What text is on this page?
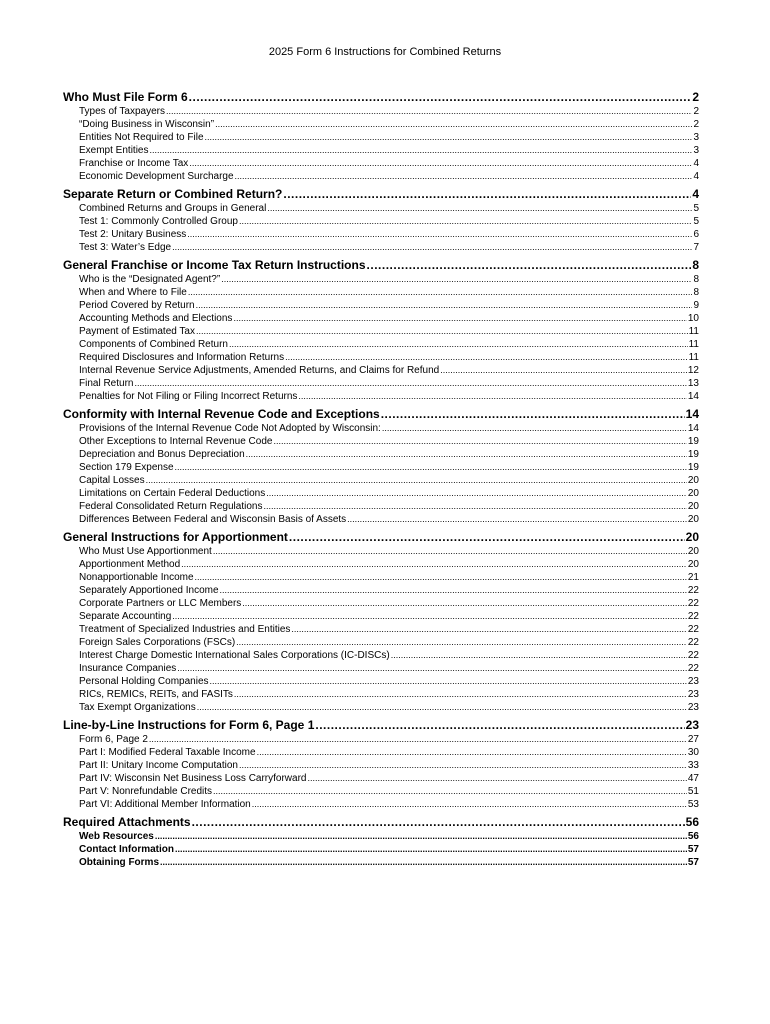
2025 Form 6 Instructions for Combined Returns
Who Must File Form 6 .....	2
Types of Taxpayers .....	2
“Doing Business in Wisconsin” .....	2
Entities Not Required to File .....	3
Exempt Entities .....	3
Franchise or Income Tax .....	4
Economic Development Surcharge .....	4
Separate Return or Combined Return? .....	4
Combined Returns and Groups in General .....	5
Test 1: Commonly Controlled Group .....	5
Test 2: Unitary Business .....	6
Test 3: Water’s Edge .....	7
General Franchise or Income Tax Return Instructions .....	8
Who is the “Designated Agent?” .....	8
When and Where to File .....	8
Period Covered by Return .....	9
Accounting Methods and Elections .....	10
Payment of Estimated Tax .....	11
Components of Combined Return .....	11
Required Disclosures and Information Returns .....	11
Internal Revenue Service Adjustments, Amended Returns, and Claims for Refund .....	12
Final Return .....	13
Penalties for Not Filing or Filing Incorrect Returns .....	14
Conformity with Internal Revenue Code and Exceptions .....	14
Provisions of the Internal Revenue Code Not Adopted by Wisconsin: .....	14
Other Exceptions to Internal Revenue Code .....	19
Depreciation and Bonus Depreciation .....	19
Section 179 Expense .....	19
Capital Losses .....	20
Limitations on Certain Federal Deductions .....	20
Federal Consolidated Return Regulations .....	20
Differences Between Federal and Wisconsin Basis of Assets .....	20
General Instructions for Apportionment .....	20
Who Must Use Apportionment .....	20
Apportionment Method .....	20
Nonapportionable Income .....	21
Separately Apportioned Income .....	22
Corporate Partners or LLC Members .....	22
Separate Accounting .....	22
Treatment of Specialized Industries and Entities .....	22
Foreign Sales Corporations (FSCs) .....	22
Interest Charge Domestic International Sales Corporations (IC-DISCs) .....	22
Insurance Companies .....	22
Personal Holding Companies .....	23
RICs, REMICs, REITs, and FASITs .....	23
Tax Exempt Organizations .....	23
Line-by-Line Instructions for Form 6, Page 1 .....	23
Form 6, Page 2 .....	27
Part I: Modified Federal Taxable Income .....	30
Part II: Unitary Income Computation .....	33
Part IV: Wisconsin Net Business Loss Carryforward .....	47
Part V: Nonrefundable Credits .....	51
Part VI: Additional Member Information .....	53
Required Attachments .....	56
Web Resources .....	56
Contact Information .....	57
Obtaining Forms .....	57
